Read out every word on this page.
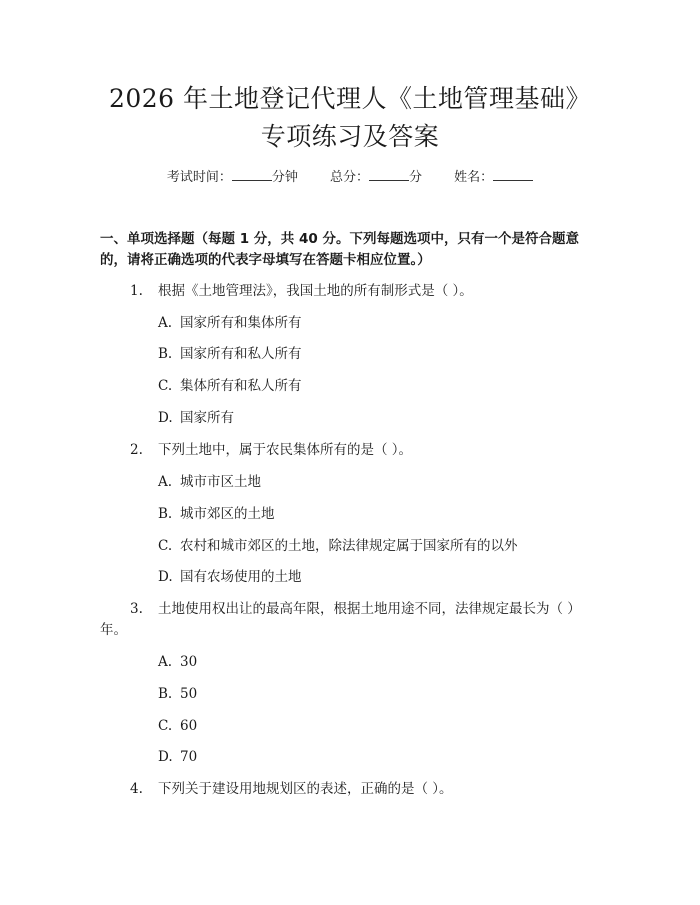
2026 年土地登记代理人《土地管理基础》专项练习及答案
考试时间：	分钟 总分：	分 姓名：
一、单项选择题（每题 1 分，共 40 分。下列每题选项中，只有一个是符合题意的，请将正确选项的代表字母填写在答题卡相应位置。）
1. 根据《土地管理法》，我国土地的所有制形式是（ ）。
A. 国家所有和集体所有
B. 国家所有和私人所有
C. 集体所有和私人所有
D. 国家所有
2. 下列土地中，属于农民集体所有的是（ ）。
A. 城市市区土地
B. 城市郊区的土地
C. 农村和城市郊区的土地，除法律规定属于国家所有的以外
D. 国有农场使用的土地
3. 土地使用权出让的最高年限，根据土地用途不同，法律规定最长为（ ）年。
A. 30
B. 50
C. 60
D. 70
4. 下列关于建设用地规划区的表述，正确的是（ ）。
